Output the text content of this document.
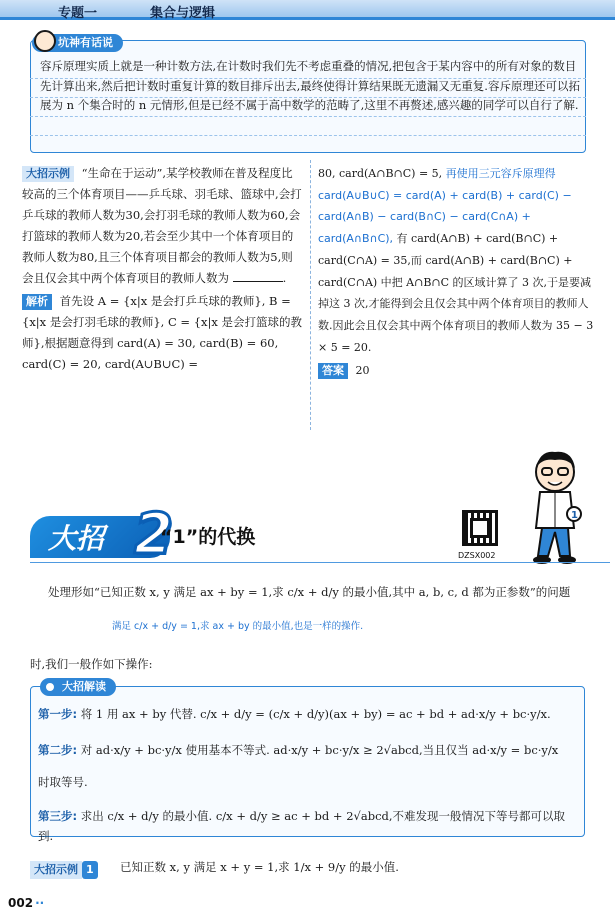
专题一	集合与逻辑
坑神有话说
容斥原理实质上就是一种计数方法,在计数时我们先不考虑重叠的情况,把包含于某内容中的所有对象的数目先计算出来,然后把计数时重复计算的数目排斥出去,最终使得计算结果既无遗漏又无重复.容斥原理还可以拓展为 n 个集合时的 n 元情形,但是已经不属于高中数学的范畴了,这里不再赘述,感兴趣的同学可以自行了解.
大招示例 “生命在于运动”,某学校教师在普及程度比较高的三个体育项目——乒乓球、羽毛球、篮球中,会打乒乓球的教师人数为30,会打羽毛球的教师人数为60,会打篮球的教师人数为20,若会至少其中一个体育项目的教师人数为80,且三个体育项目都会的教师人数为5,则会且仅会其中两个体育项目的教师人数为	.
解析 首先设 A = {x|x 是会打乒乓球的教师}, B = {x|x 是会打羽毛球的教师}, C = {x|x 是会打篮球的教师},根据题意得到 card(A) = 30, card(B) = 60, card(C) = 20, card(A∪B∪C) =
80, card(A∩B∩C) = 5, 再使用三元容斥原理得 card(A∪B∪C) = card(A) + card(B) + card(C) − card(A∩B) − card(B∩C) − card(C∩A) + card(A∩B∩C), 有 card(A∩B) + card(B∩C) + card(C∩A) = 35,而 card(A∩B) + card(B∩C) + card(C∩A) 中把 A∩B∩C 的区域计算了 3 次,于是要减掉这 3 次,才能得到会且仅会其中两个体育项目的教师人数.因此会且仅会其中两个体育项目的教师人数为 35 − 3 × 5 = 20.
答案 20
1
DZSX002
大招 2
“1”的代换
处理形如“已知正数 x, y 满足 ax + by = 1,求 c/x + d/y 的最小值,其中 a, b, c, d 都为正参数”的问题
满足 c/x + d/y = 1,求 ax + by 的最小值,也是一样的操作.
时,我们一般作如下操作:
大招解读
第一步: 将 1 用 ax + by 代替. c/x + d/y = (c/x + d/y)(ax + by) = ac + bd + ad·x/y + bc·y/x.
第二步: 对 ad·x/y + bc·y/x 使用基本不等式. ad·x/y + bc·y/x ≥ 2√abcd,当且仅当 ad·x/y = bc·y/x
时取等号.
第三步: 求出 c/x + d/y 的最小值. c/x + d/y ≥ ac + bd + 2√abcd,不难发现一般情况下等号都可以取到.
大招示例 1	已知正数 x, y 满足 x + y = 1,求 1/x + 9/y 的最小值.
002 ··
